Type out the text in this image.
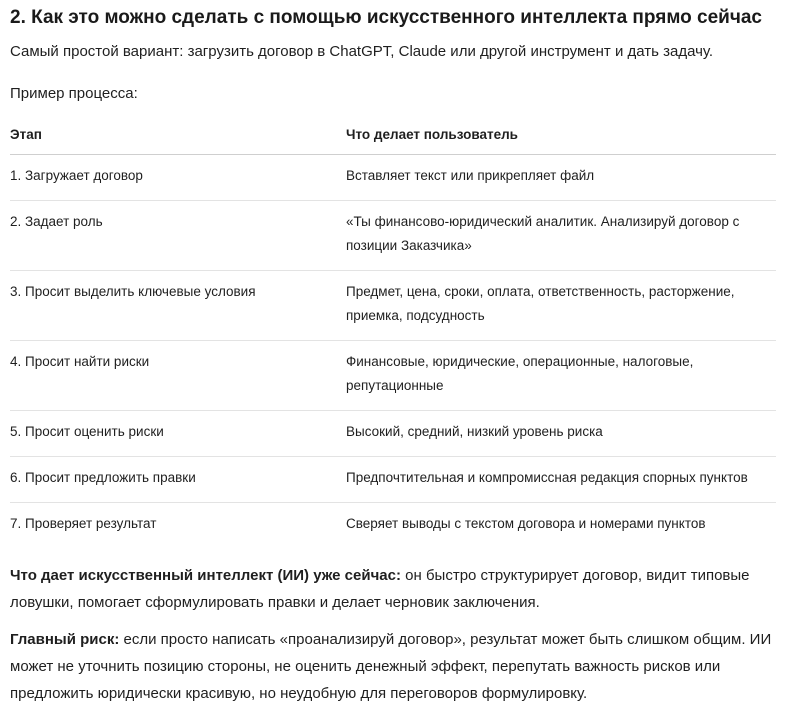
2. Как это можно сделать с помощью искусственного интеллекта прямо сейчас
Самый простой вариант: загрузить договор в ChatGPT, Claude или другой инструмент и дать задачу.
Пример процесса:
Этап	Что делает пользователь
1. Загружает договор	Вставляет текст или прикрепляет файл
2. Задает роль	«Ты финансово-юридический аналитик. Анализируй договор с позиции Заказчика»
3. Просит выделить ключевые условия	Предмет, цена, сроки, оплата, ответственность, расторжение, приемка, подсудность
4. Просит найти риски	Финансовые, юридические, операционные, налоговые, репутационные
5. Просит оценить риски	Высокий, средний, низкий уровень риска
6. Просит предложить правки	Предпочтительная и компромиссная редакция спорных пунктов
7. Проверяет результат	Сверяет выводы с текстом договора и номерами пунктов

Что дает искусственный интеллект (ИИ) уже сейчас: он быстро структурирует договор, видит типовые ловушки, помогает сформулировать правки и делает черновик заключения.

Главный риск: если просто написать «проанализируй договор», результат может быть слишком общим. ИИ может не уточнить позицию стороны, не оценить денежный эффект, перепутать важность рисков или предложить юридически красивую, но неудобную для переговоров формулировку.
